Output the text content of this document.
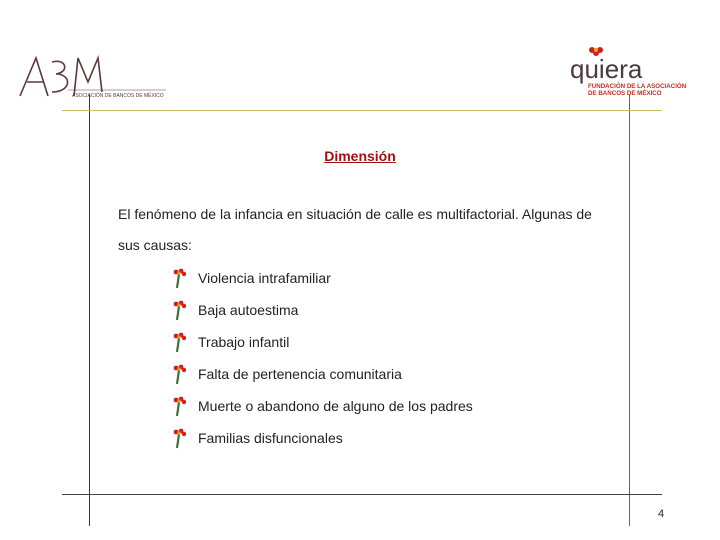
ASOCIACIÓN DE BANCOS DE MÉXICO
quiera
FUNDACIÓN DE LA ASOCIACIÓN
DE BANCOS DE MÉXICO
Dimensión
El fenómeno de la infancia en situación de calle es multifactorial. Algunas de
sus causas:
Violencia intrafamiliar
Baja autoestima
Trabajo infantil
Falta de pertenencia comunitaria
Muerte o abandono de alguno de los padres
Familias disfuncionales
4
